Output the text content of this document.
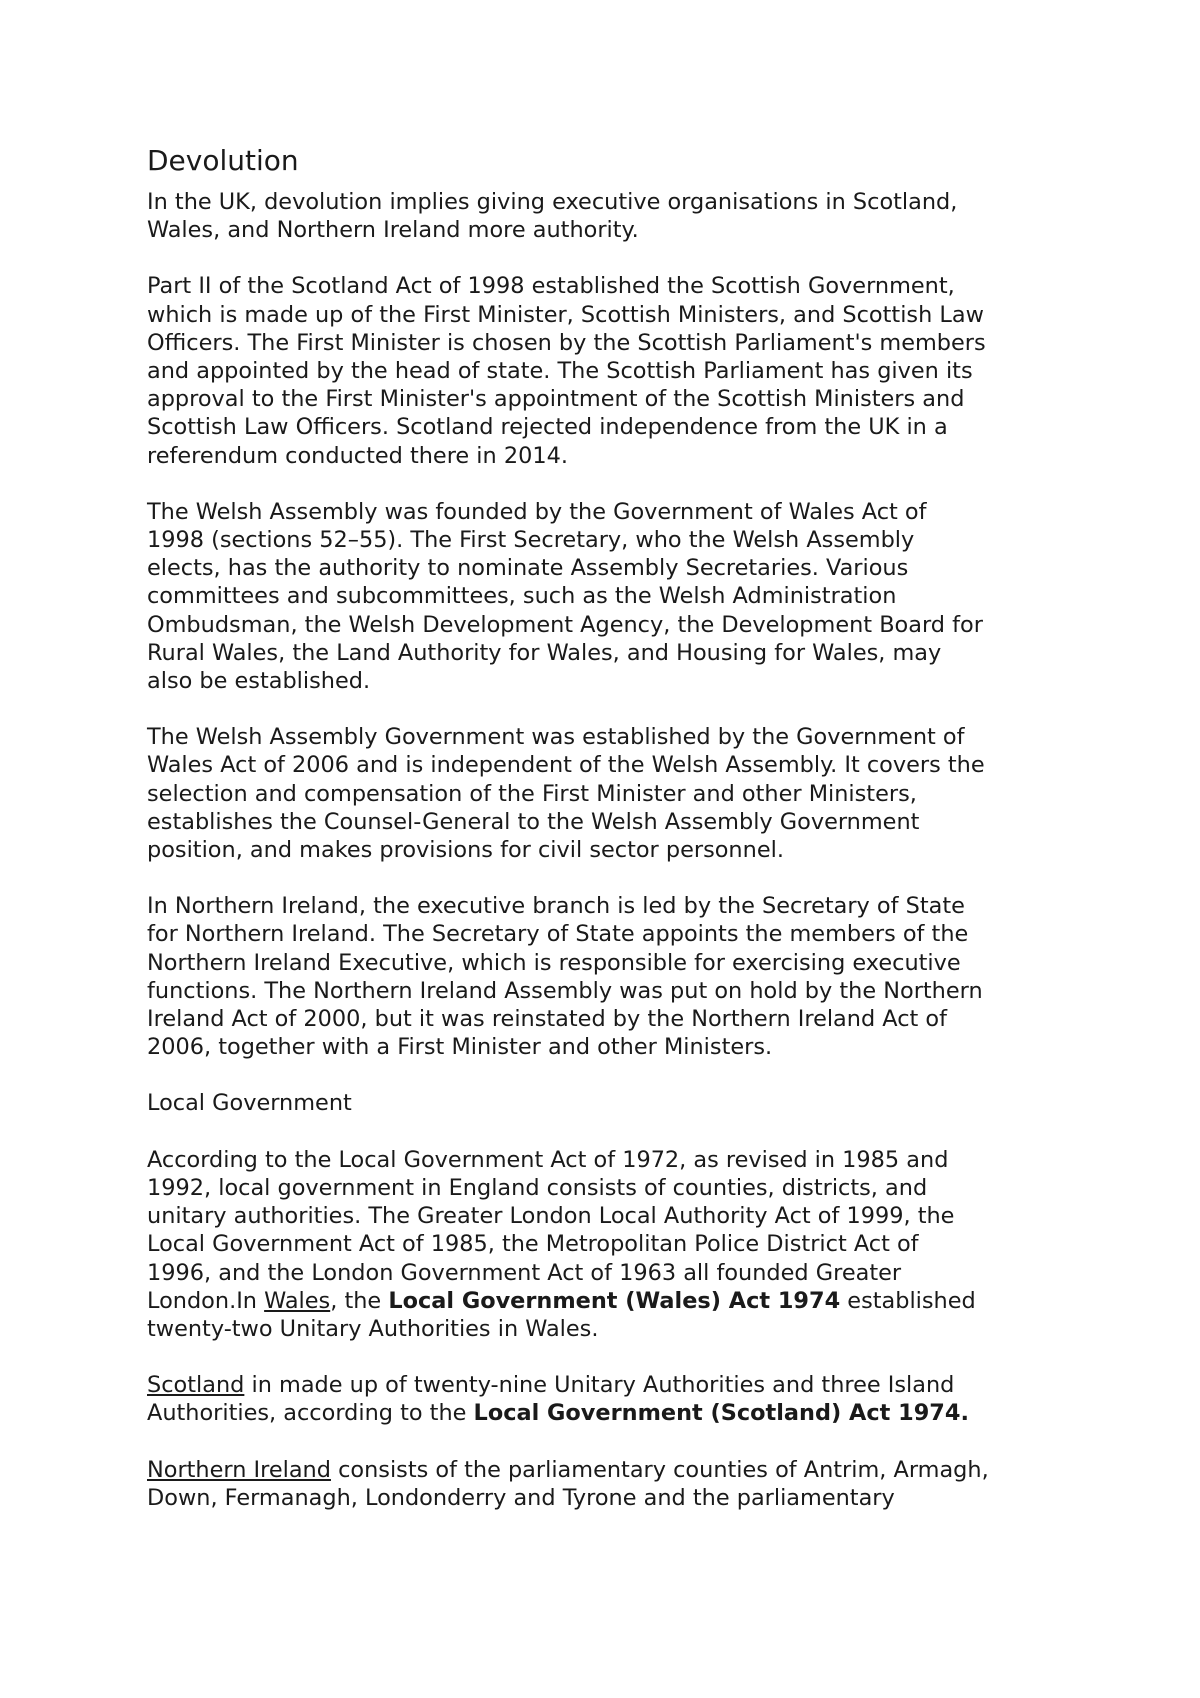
Devolution

In the UK, devolution implies giving executive organisations in Scotland,
Wales, and Northern Ireland more authority.

Part II of the Scotland Act of 1998 established the Scottish Government,
which is made up of the First Minister, Scottish Ministers, and Scottish Law
Officers. The First Minister is chosen by the Scottish Parliament's members
and appointed by the head of state. The Scottish Parliament has given its
approval to the First Minister's appointment of the Scottish Ministers and
Scottish Law Officers. Scotland rejected independence from the UK in a
referendum conducted there in 2014.

The Welsh Assembly was founded by the Government of Wales Act of
1998 (sections 52–55). The First Secretary, who the Welsh Assembly
elects, has the authority to nominate Assembly Secretaries. Various
committees and subcommittees, such as the Welsh Administration
Ombudsman, the Welsh Development Agency, the Development Board for
Rural Wales, the Land Authority for Wales, and Housing for Wales, may
also be established.

The Welsh Assembly Government was established by the Government of
Wales Act of 2006 and is independent of the Welsh Assembly. It covers the
selection and compensation of the First Minister and other Ministers,
establishes the Counsel-General to the Welsh Assembly Government
position, and makes provisions for civil sector personnel.

In Northern Ireland, the executive branch is led by the Secretary of State
for Northern Ireland. The Secretary of State appoints the members of the
Northern Ireland Executive, which is responsible for exercising executive
functions. The Northern Ireland Assembly was put on hold by the Northern
Ireland Act of 2000, but it was reinstated by the Northern Ireland Act of
2006, together with a First Minister and other Ministers.

Local Government

According to the Local Government Act of 1972, as revised in 1985 and
1992, local government in England consists of counties, districts, and
unitary authorities. The Greater London Local Authority Act of 1999, the
Local Government Act of 1985, the Metropolitan Police District Act of
1996, and the London Government Act of 1963 all founded Greater
London.In Wales, the Local Government (Wales) Act 1974 established
twenty-two Unitary Authorities in Wales.

Scotland in made up of twenty-nine Unitary Authorities and three Island
Authorities, according to the Local Government (Scotland) Act 1974.

Northern Ireland consists of the parliamentary counties of Antrim, Armagh,
Down, Fermanagh, Londonderry and Tyrone and the parliamentary
